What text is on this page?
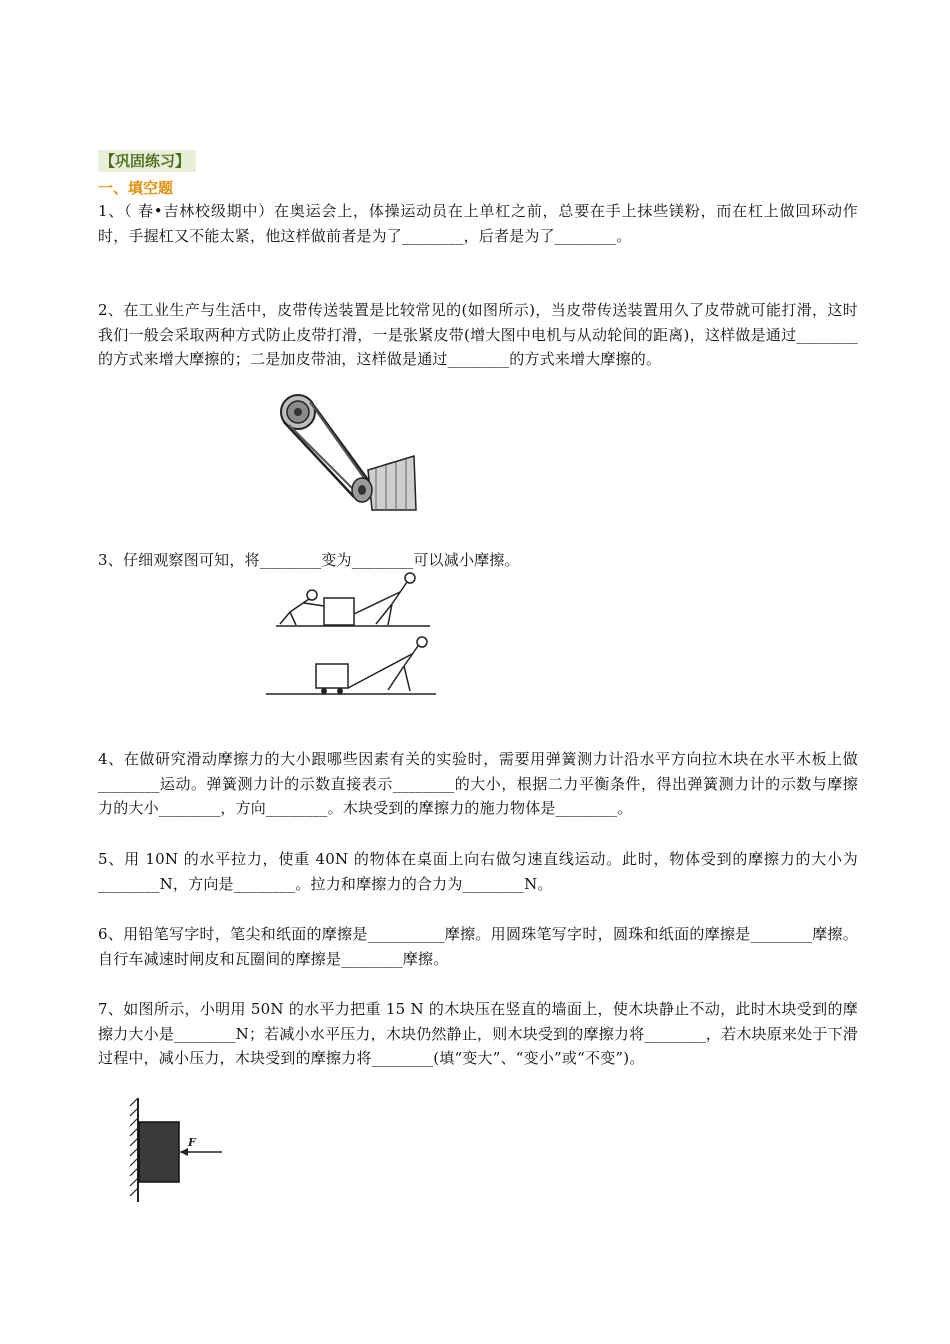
【巩固练习】
一、填空题
1、（ 春•吉林校级期中）在奥运会上，体操运动员在上单杠之前，总要在手上抹些镁粉，而在杠上做回环动作时，手握杠又不能太紧，他这样做前者是为了________，后者是为了________。
2、在工业生产与生活中，皮带传送装置是比较常见的(如图所示)，当皮带传送装置用久了皮带就可能打滑，这时我们一般会采取两种方式防止皮带打滑，一是张紧皮带(增大图中电机与从动轮间的距离)，这样做是通过________的方式来增大摩擦的；二是加皮带油，这样做是通过________的方式来增大摩擦的。
3、仔细观察图可知，将________变为________可以减小摩擦。
4、在做研究滑动摩擦力的大小跟哪些因素有关的实验时，需要用弹簧测力计沿水平方向拉木块在水平木板上做________运动。弹簧测力计的示数直接表示________的大小，根据二力平衡条件，得出弹簧测力计的示数与摩擦力的大小________，方向________。木块受到的摩擦力的施力物体是________。
5、用 10N 的水平拉力，使重 40N 的物体在桌面上向右做匀速直线运动。此时，物体受到的摩擦力的大小为________N，方向是________。拉力和摩擦力的合力为________N。
6、用铅笔写字时，笔尖和纸面的摩擦是__________摩擦。用圆珠笔写字时，圆珠和纸面的摩擦是________摩擦。自行车减速时闸皮和瓦圈间的摩擦是________摩擦。
7、如图所示，小明用 50N 的水平力把重 15 N 的木块压在竖直的墙面上，使木块静止不动，此时木块受到的摩擦力大小是________N；若减小水平压力，木块仍然静止，则木块受到的摩擦力将________，若木块原来处于下滑过程中，减小压力，木块受到的摩擦力将________(填“变大”、“变小”或“不变”)。
F
